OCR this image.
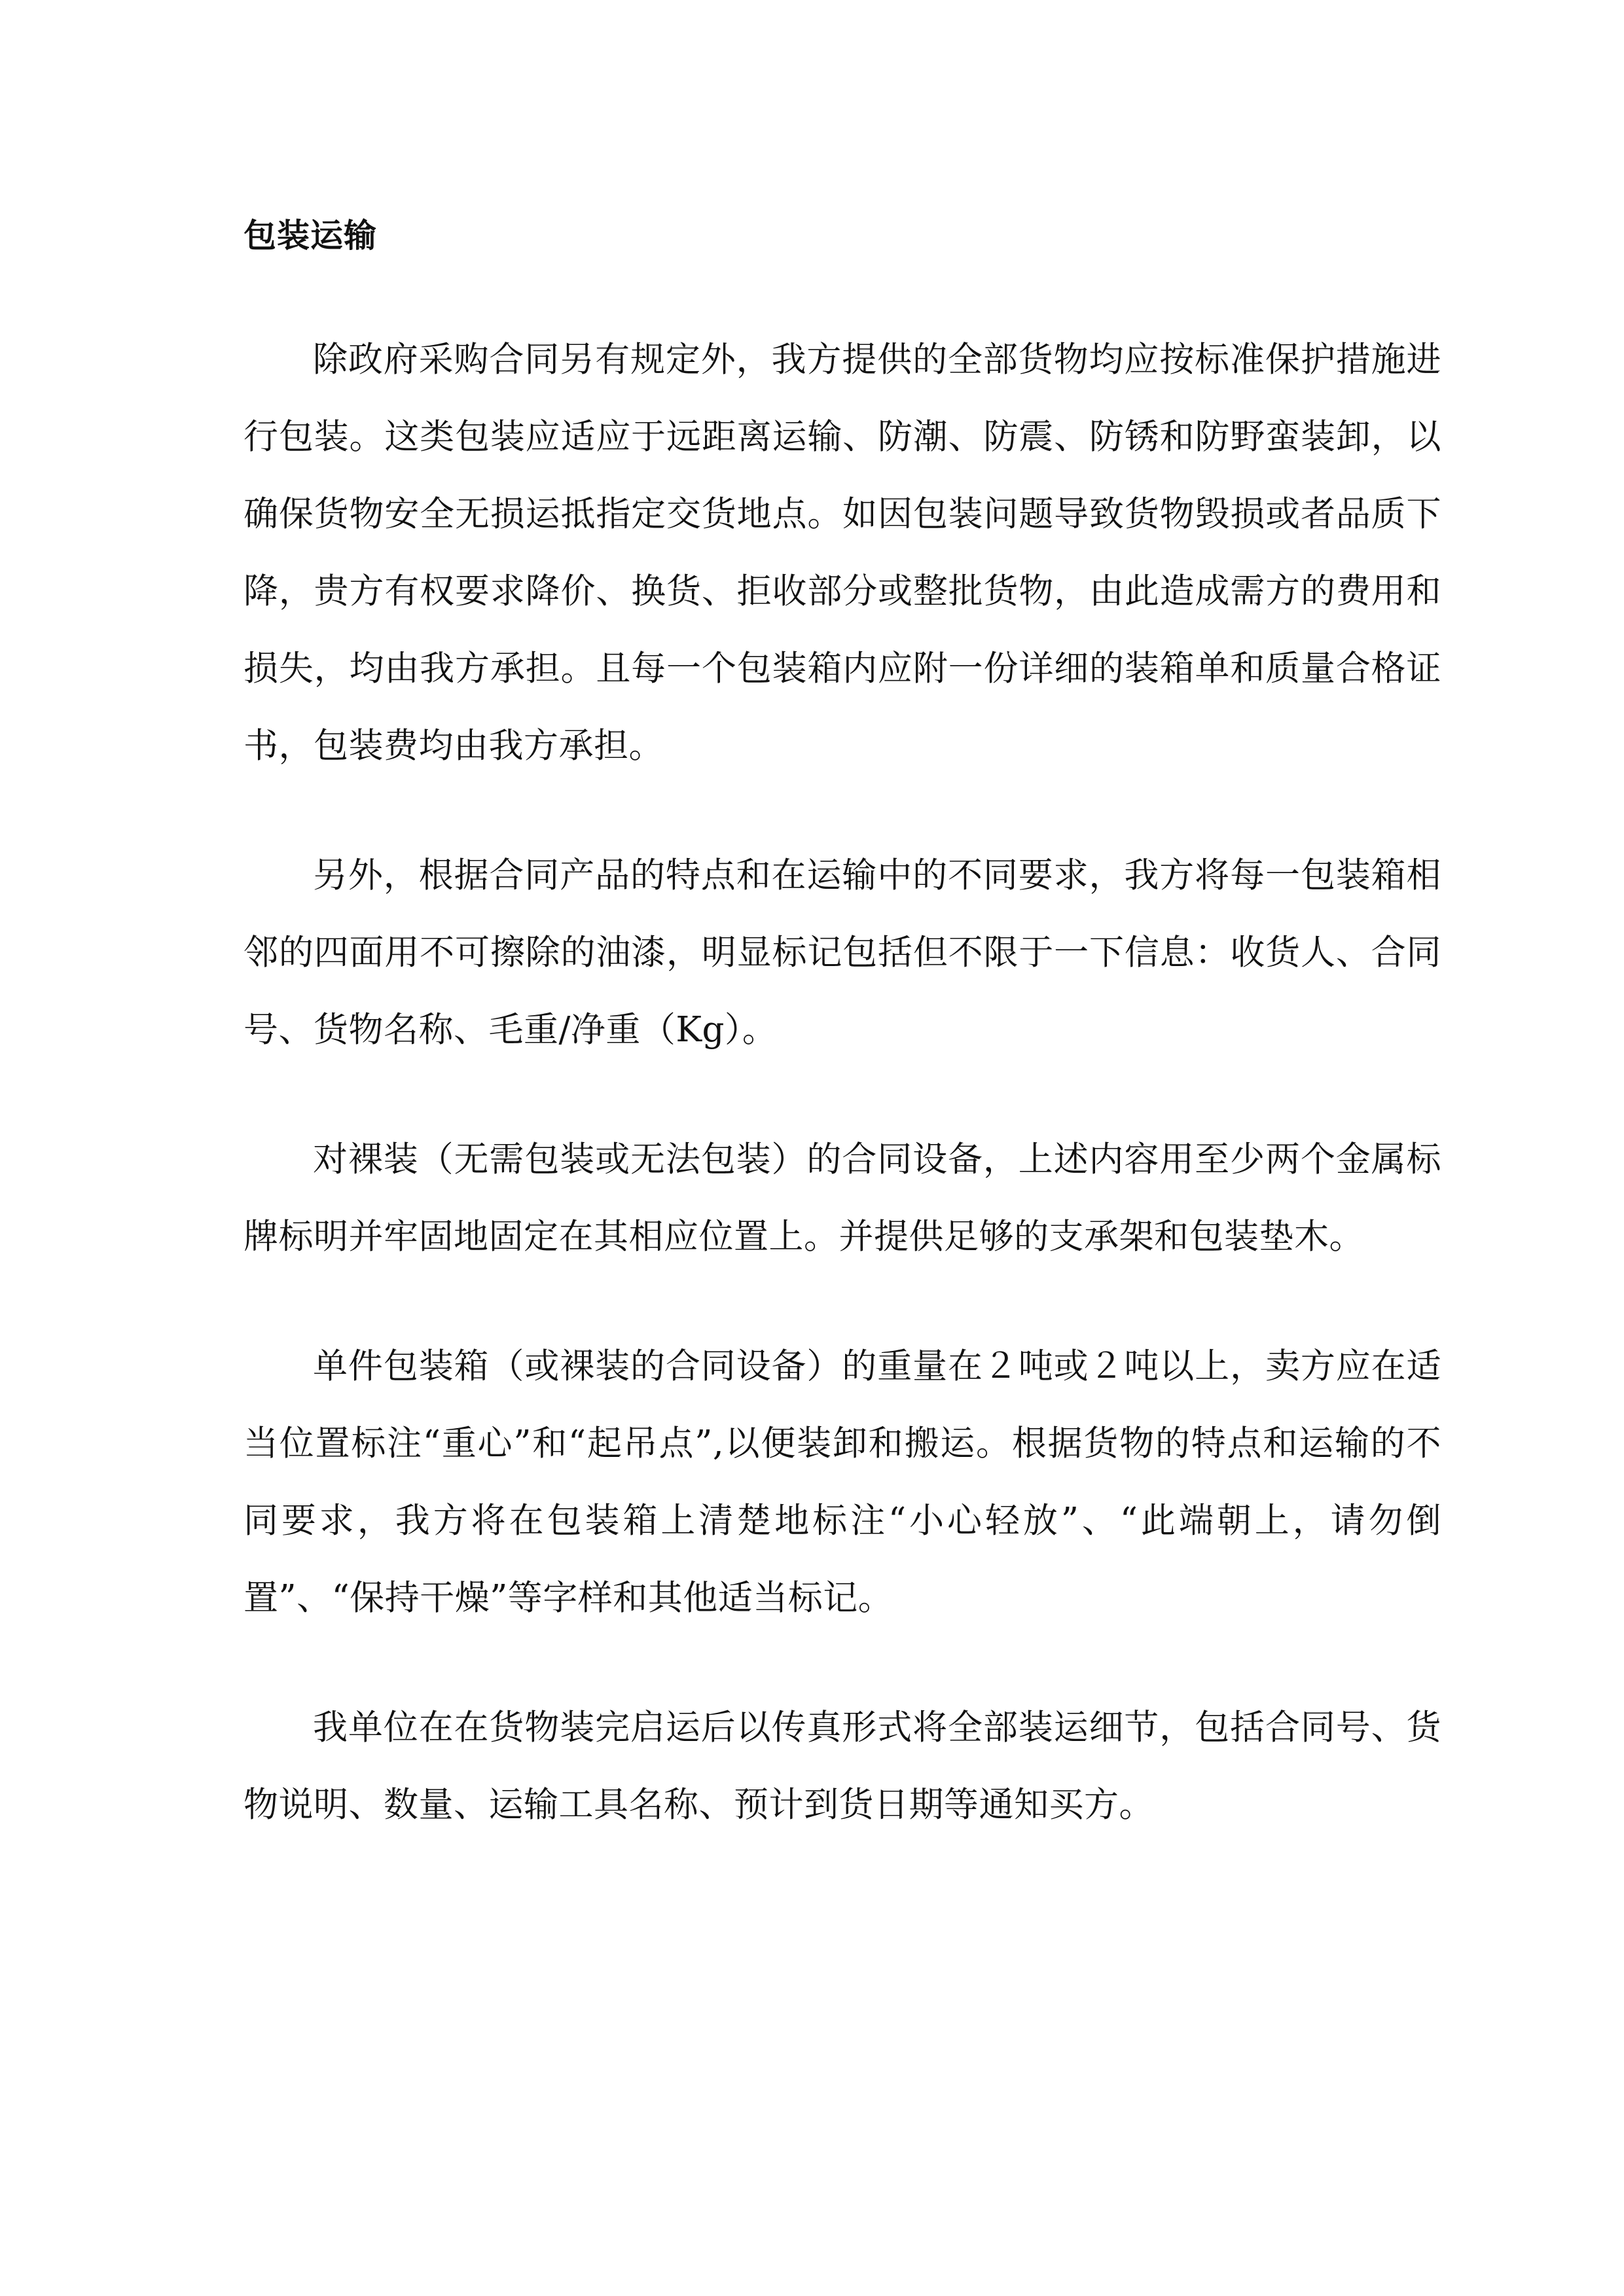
包装运输

除政府采购合同另有规定外，我方提供的全部货物均应按标准保护措施进行包装。这类包装应适应于远距离运输、防潮、防震、防锈和防野蛮装卸，以确保货物安全无损运抵指定交货地点。如因包装问题导致货物毁损或者品质下降，贵方有权要求降价、换货、拒收部分或整批货物，由此造成需方的费用和损失，均由我方承担。且每一个包装箱内应附一份详细的装箱单和质量合格证书，包装费均由我方承担。

另外，根据合同产品的特点和在运输中的不同要求，我方将每一包装箱相邻的四面用不可擦除的油漆，明显标记包括但不限于一下信息：收货人、合同号、货物名称、毛重/净重（Kg）。

对裸装（无需包装或无法包装）的合同设备，上述内容用至少两个金属标牌标明并牢固地固定在其相应位置上。并提供足够的支承架和包装垫木。

单件包装箱（或裸装的合同设备）的重量在２吨或２吨以上，卖方应在适当位置标注“重心”和“起吊点”,以便装卸和搬运。根据货物的特点和运输的不同要求，我方将在包装箱上清楚地标注“小心轻放”、“此端朝上，请勿倒置”、“保持干燥”等字样和其他适当标记。

我单位在在货物装完启运后以传真形式将全部装运细节，包括合同号、货物说明、数量、运输工具名称、预计到货日期等通知买方。
